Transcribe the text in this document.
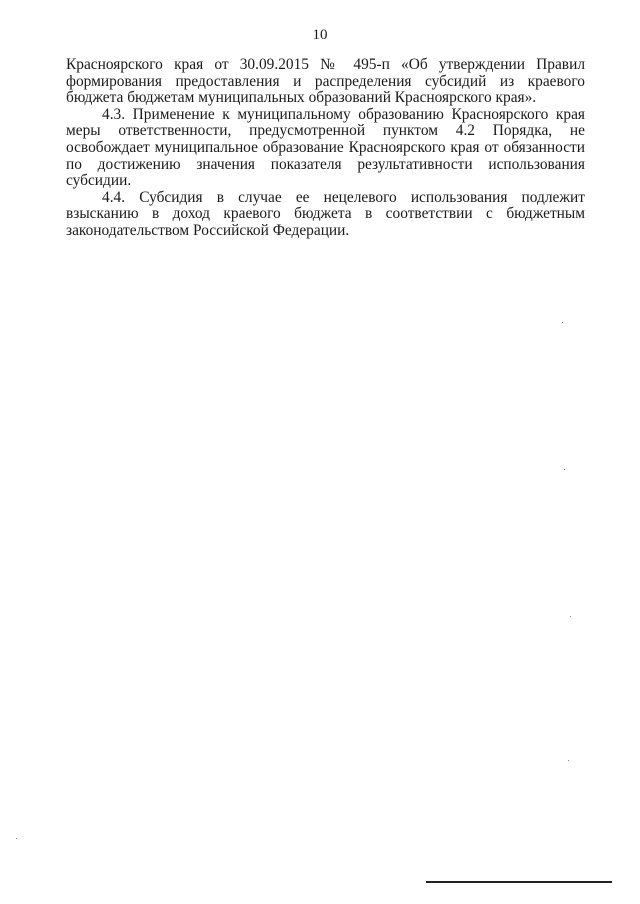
10

Красноярского края от 30.09.2015 № 495-п «Об утверждении Правил формирования предоставления и распределения субсидий из краевого бюджета бюджетам муниципальных образований Красноярского края».

4.3. Применение к муниципальному образованию Красноярского края меры ответственности, предусмотренной пунктом 4.2 Порядка, не освобождает муниципальное образование Красноярского края от обязанности по достижению значения показателя результативности использования субсидии.

4.4. Субсидия в случае ее нецелевого использования подлежит взысканию в доход краевого бюджета в соответствии с бюджетным законодательством Российской Федерации.
